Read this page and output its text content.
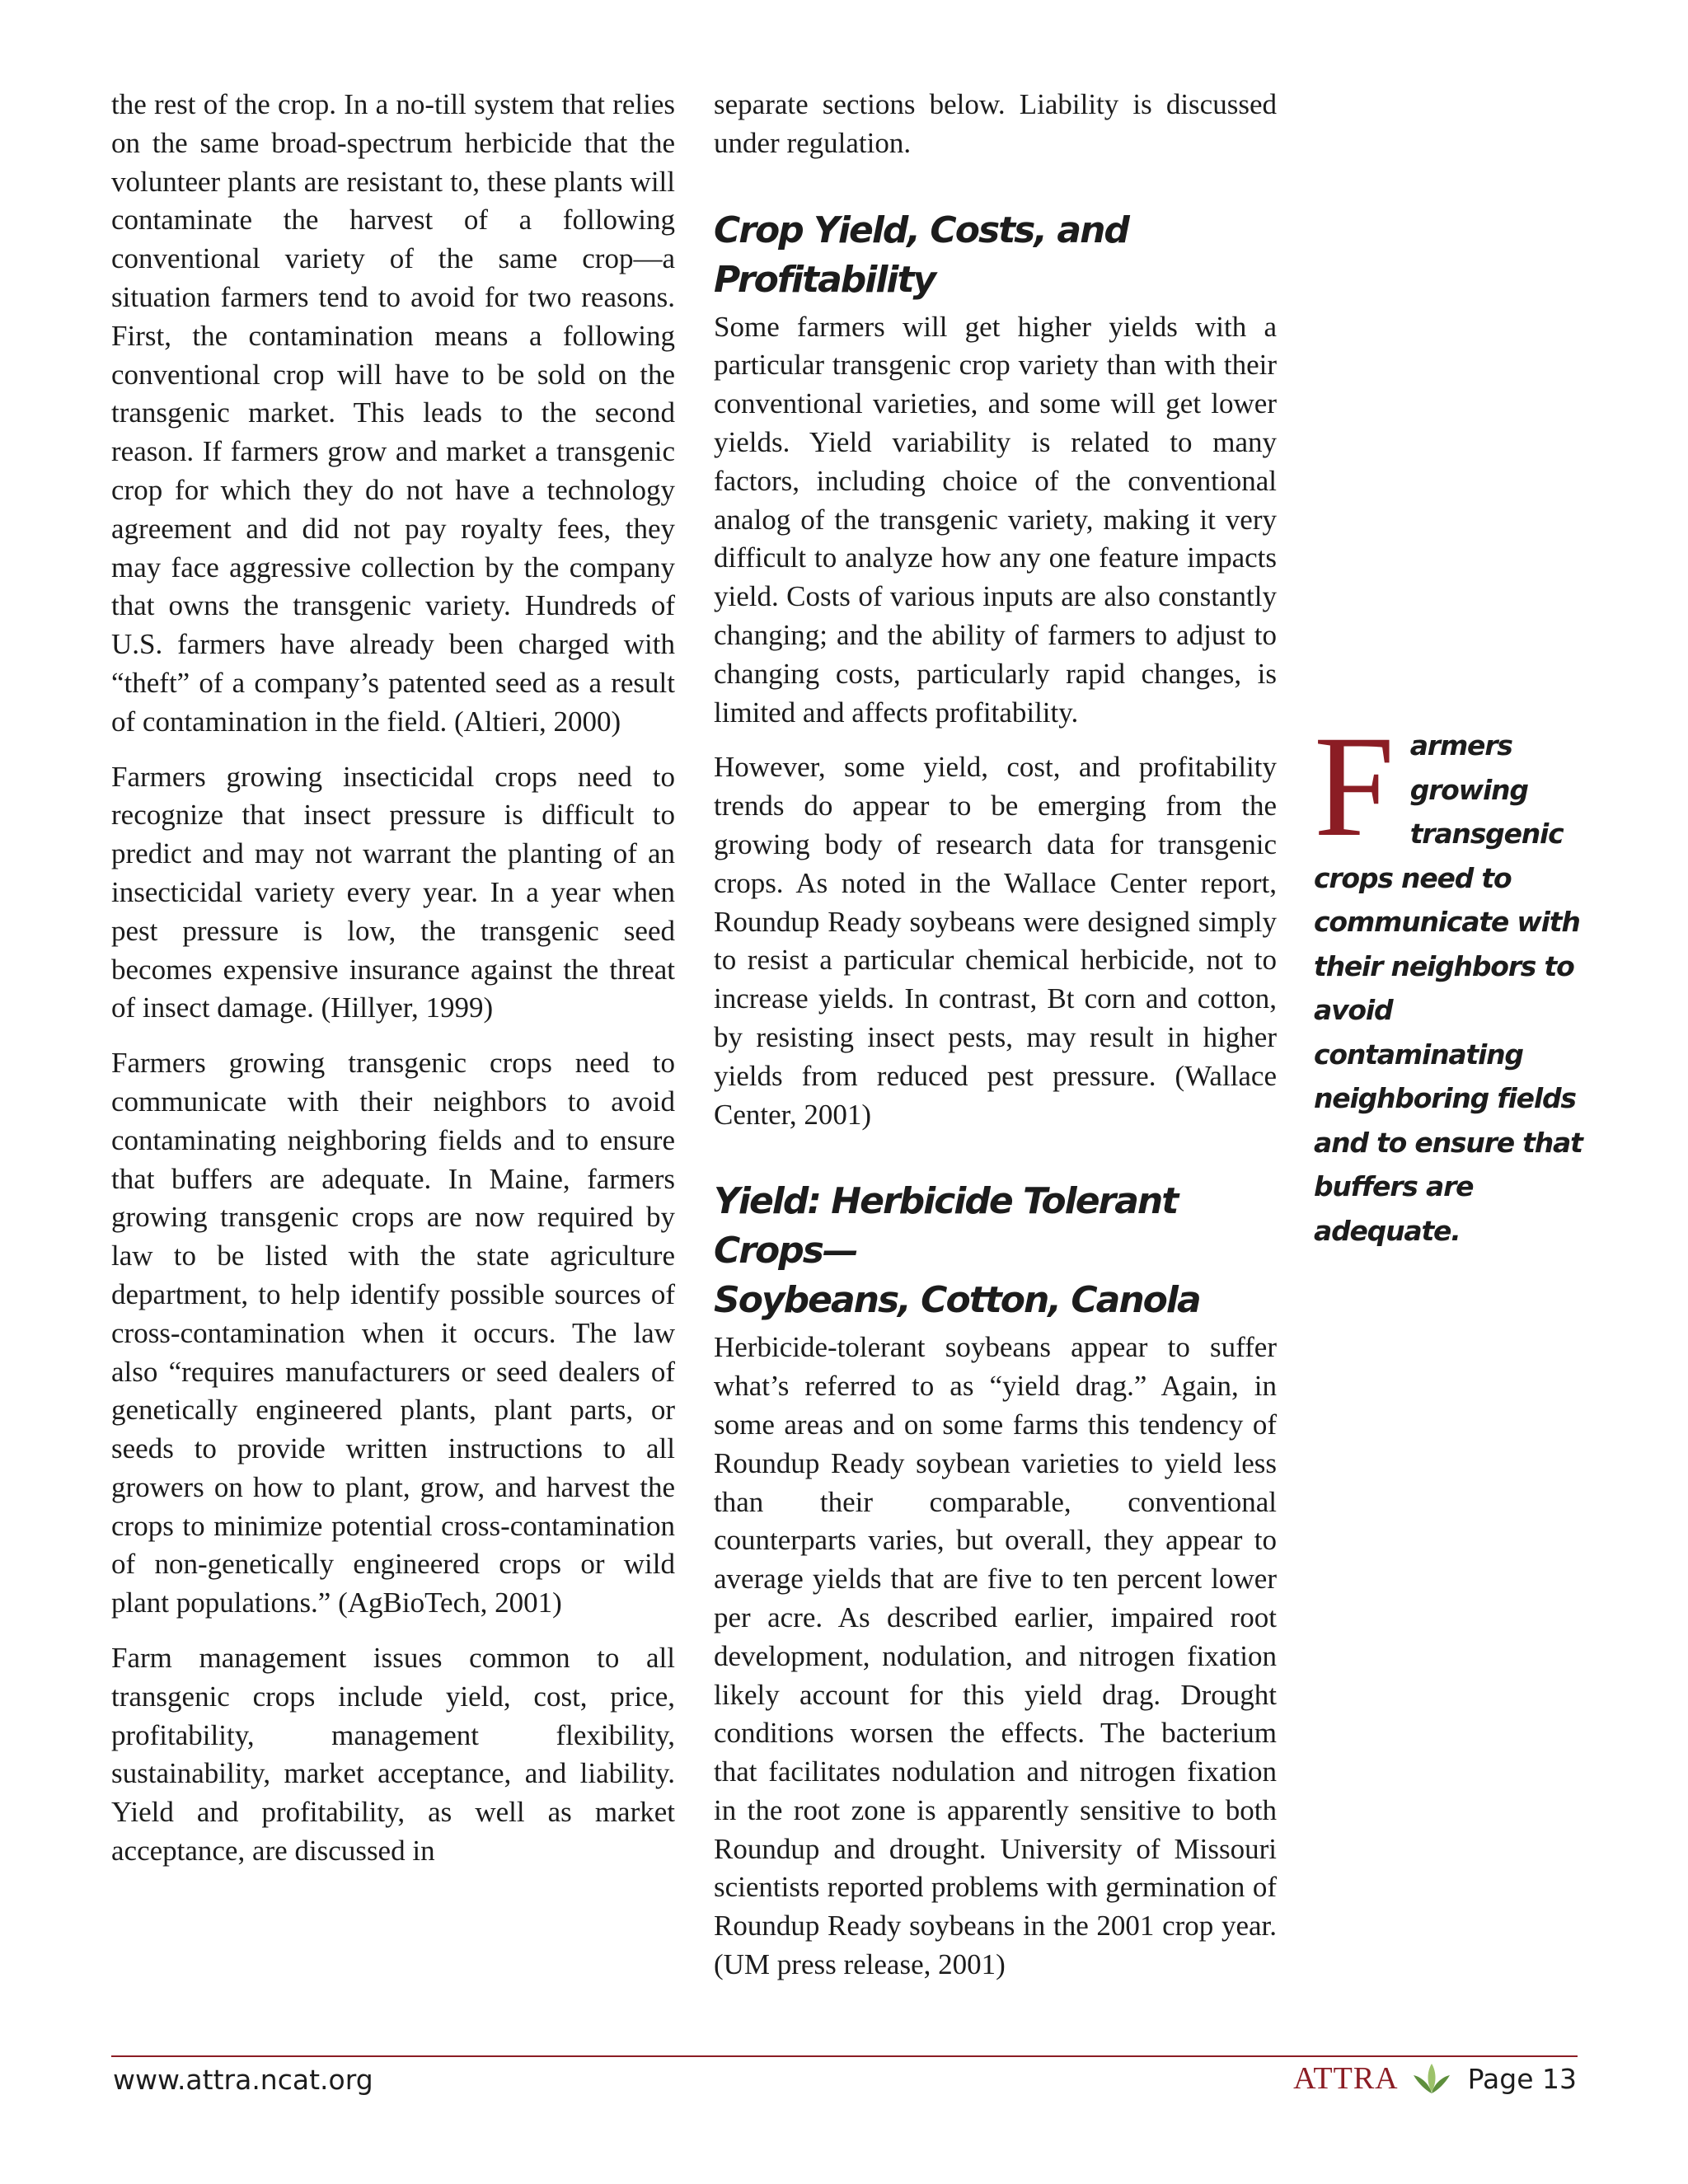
the rest of the crop. In a no-till system that relies on the same broad-spectrum herbicide that the volunteer plants are resistant to, these plants will contaminate the harvest of a following conventional variety of the same crop—a situation farmers tend to avoid for two reasons. First, the contamination means a following conventional crop will have to be sold on the transgenic market. This leads to the second reason. If farmers grow and market a transgenic crop for which they do not have a technology agreement and did not pay royalty fees, they may face aggressive collection by the company that owns the transgenic variety. Hundreds of U.S. farmers have already been charged with “theft” of a company’s patented seed as a result of contamination in the field. (Altieri, 2000)

Farmers growing insecticidal crops need to recognize that insect pressure is difficult to predict and may not warrant the planting of an insecticidal variety every year. In a year when pest pressure is low, the transgenic seed becomes expensive insurance against the threat of insect damage. (Hillyer, 1999)

Farmers growing transgenic crops need to communicate with their neighbors to avoid contaminating neighboring fields and to ensure that buffers are adequate. In Maine, farmers growing transgenic crops are now required by law to be listed with the state agriculture department, to help identify possible sources of cross-contamination when it occurs. The law also “requires manufacturers or seed dealers of genetically engineered plants, plant parts, or seeds to provide written instructions to all growers on how to plant, grow, and harvest the crops to minimize potential cross-contamination of non-genetically engineered crops or wild plant populations.” (AgBioTech, 2001)

Farm management issues common to all transgenic crops include yield, cost, price, profitability, management flexibility, sustainability, market acceptance, and liability. Yield and profitability, as well as market acceptance, are discussed in

separate sections below. Liability is discussed under regulation.

Crop Yield, Costs, and Profitability

Some farmers will get higher yields with a particular transgenic crop variety than with their conventional varieties, and some will get lower yields. Yield variability is related to many factors, including choice of the conventional analog of the transgenic variety, making it very difficult to analyze how any one feature impacts yield. Costs of various inputs are also constantly changing; and the ability of farmers to adjust to changing costs, particularly rapid changes, is limited and affects profitability.

However, some yield, cost, and profitability trends do appear to be emerging from the growing body of research data for transgenic crops. As noted in the Wallace Center report, Roundup Ready soybeans were designed simply to resist a particular chemical herbicide, not to increase yields. In contrast, Bt corn and cotton, by resisting insect pests, may result in higher yields from reduced pest pressure. (Wallace Center, 2001)

Yield: Herbicide Tolerant Crops—
Soybeans, Cotton, Canola

Herbicide-tolerant soybeans appear to suffer what’s referred to as “yield drag.” Again, in some areas and on some farms this tendency of Roundup Ready soybean varieties to yield less than their comparable, conventional counterparts varies, but overall, they appear to average yields that are five to ten percent lower per acre. As described earlier, impaired root development, nodulation, and nitrogen fixation likely account for this yield drag. Drought conditions worsen the effects. The bacterium that facilitates nodulation and nitrogen fixation in the root zone is apparently sensitive to both Roundup and drought. University of Missouri scientists reported problems with germination of Roundup Ready soybeans in the 2001 crop year. (UM press release, 2001)

F armers growing transgenic crops need to communicate with their neighbors to avoid contaminating neighboring fields and to ensure that buffers are adequate.
www.attra.ncat.org	ATTRA	Page 13
